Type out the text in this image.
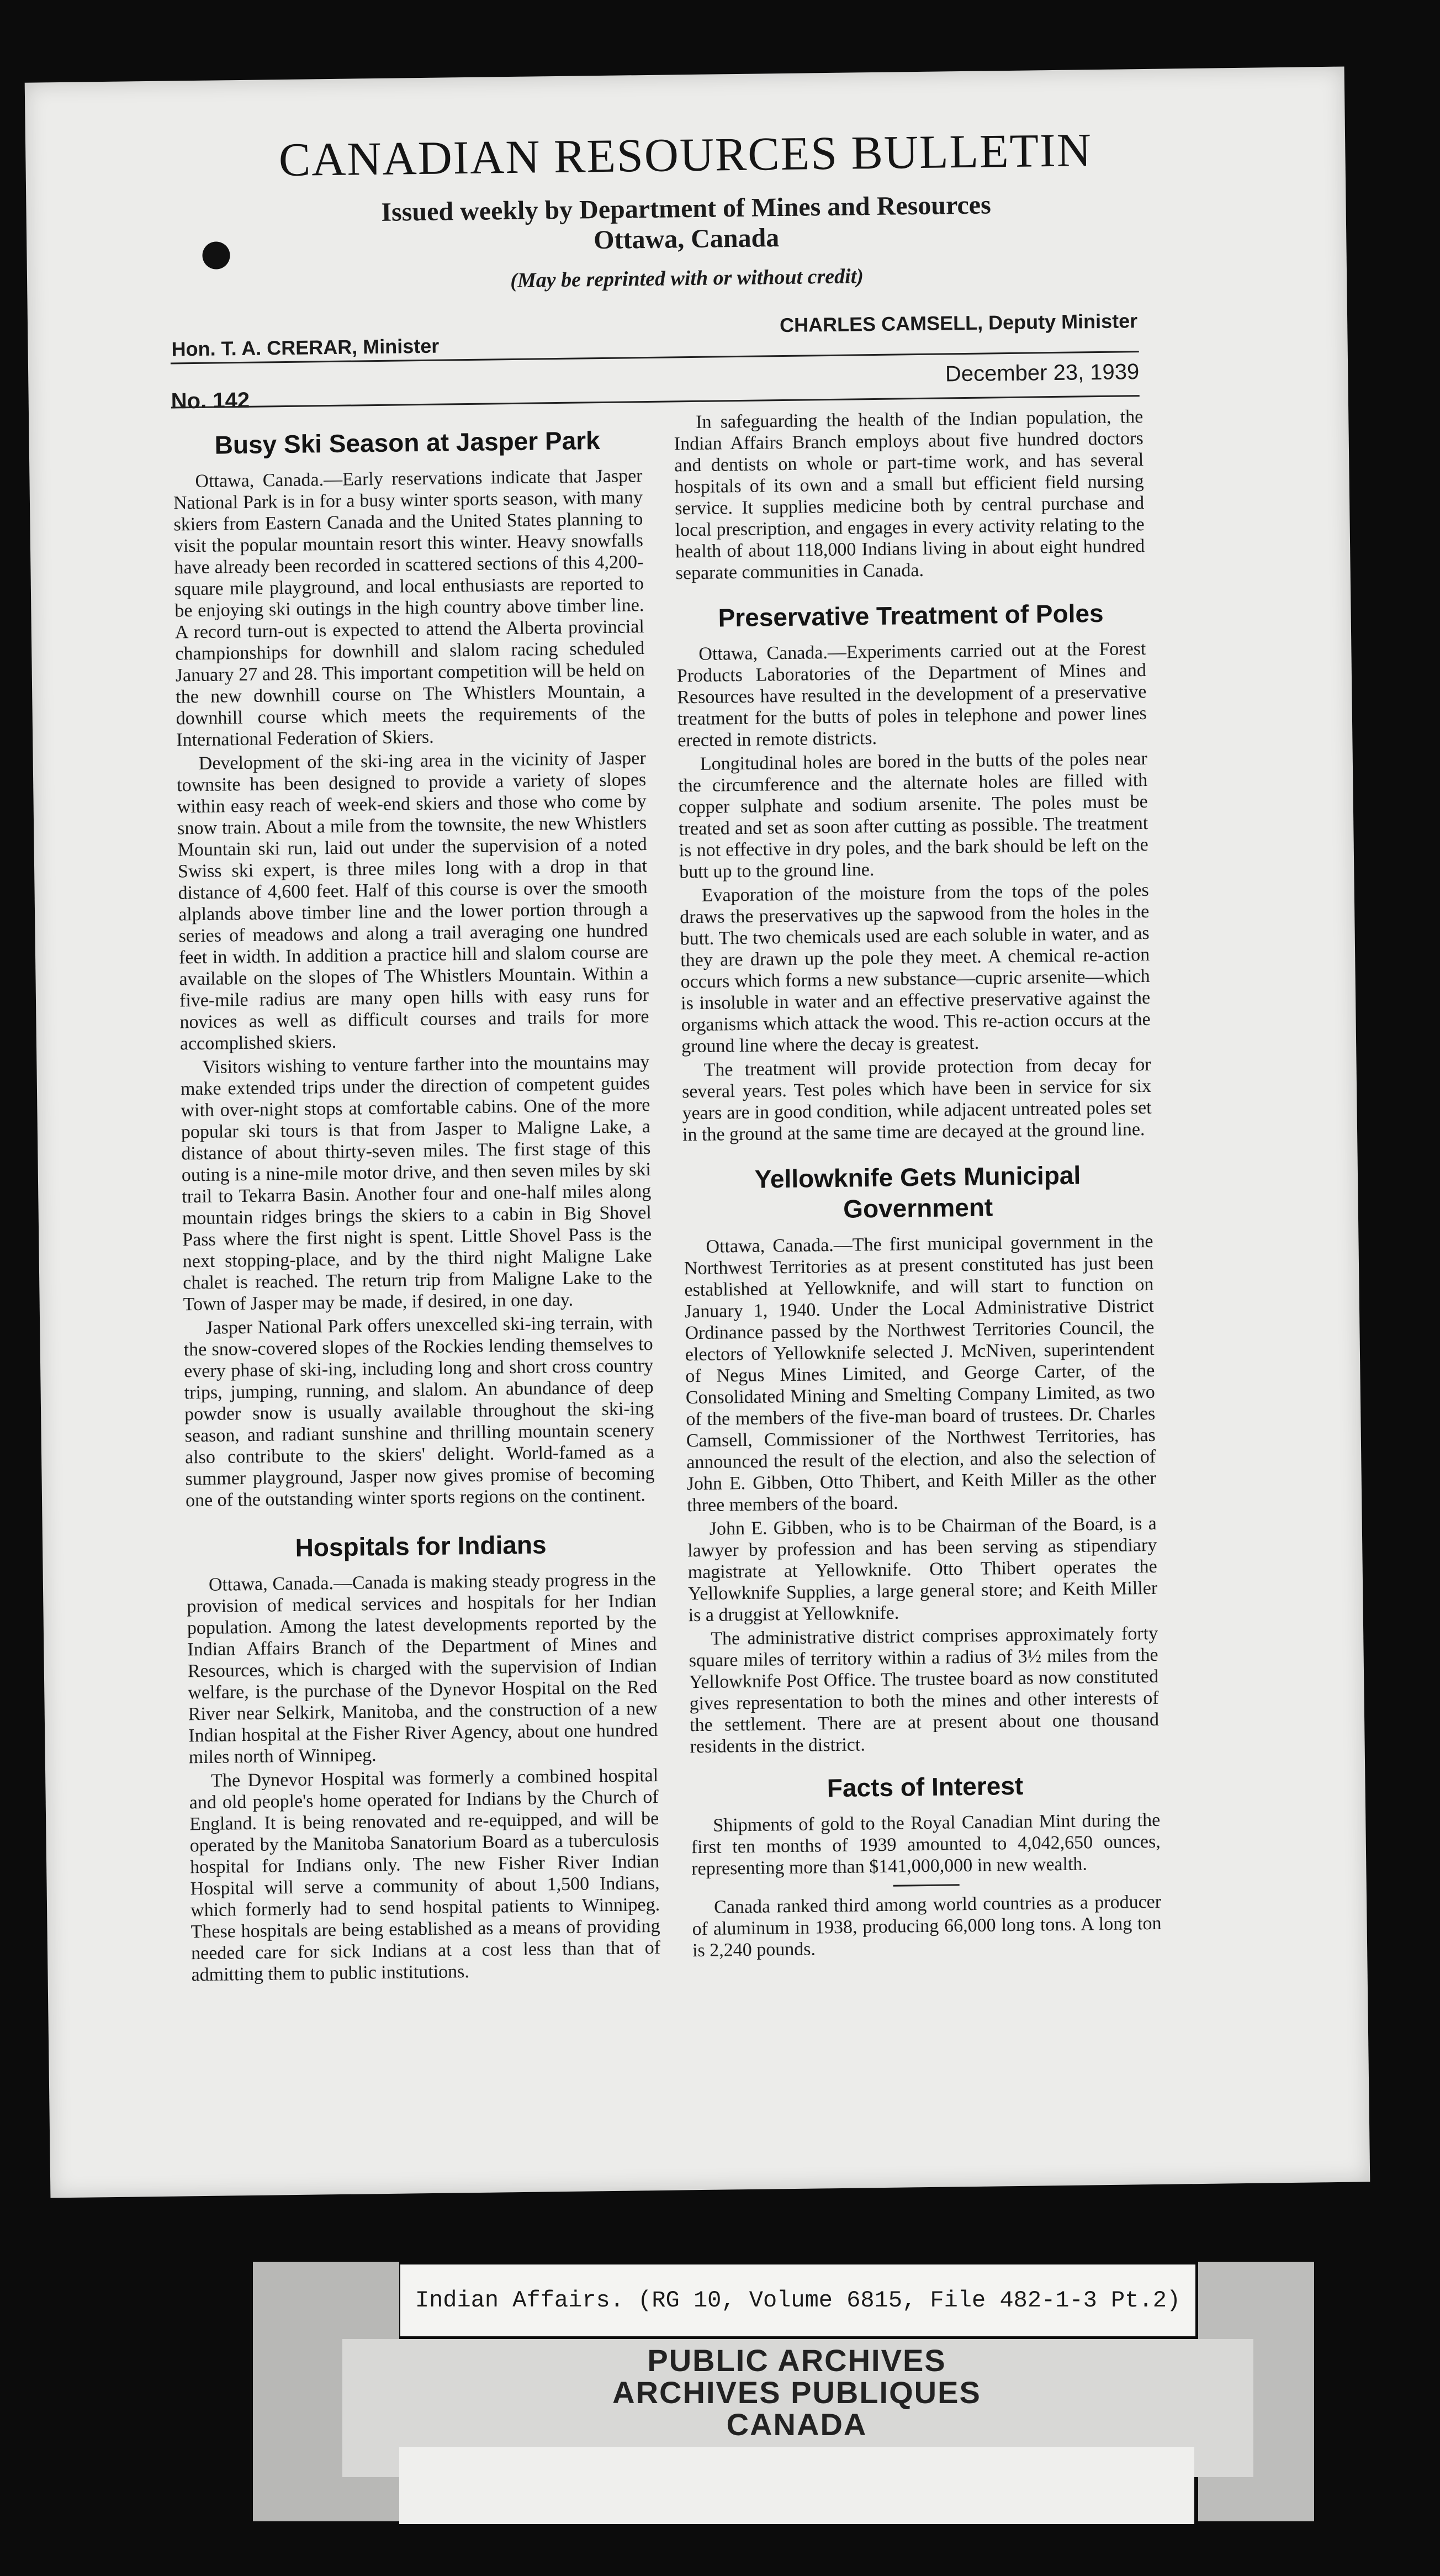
CANADIAN RESOURCES BULLETIN
Issued weekly by Department of Mines and Resources
Ottawa, Canada
(May be reprinted with or without credit)
Hon. T. A. CRERAR, Minister
CHARLES CAMSELL, Deputy Minister
No. 142
December 23, 1939
Busy Ski Season at Jasper Park

Ottawa, Canada.—Early reservations indicate that Jasper National Park is in for a busy winter sports season, with many skiers from Eastern Canada and the United States planning to visit the popular mountain resort this winter. Heavy snowfalls have already been recorded in scattered sections of this 4,200-square mile playground, and local enthusiasts are reported to be enjoying ski outings in the high country above timber line. A record turn-out is expected to attend the Alberta provincial championships for downhill and slalom racing scheduled January 27 and 28. This important competition will be held on the new downhill course on The Whistlers Mountain, a downhill course which meets the requirements of the International Federation of Skiers.

Development of the ski-ing area in the vicinity of Jasper townsite has been designed to provide a variety of slopes within easy reach of week-end skiers and those who come by snow train. About a mile from the townsite, the new Whistlers Mountain ski run, laid out under the supervision of a noted Swiss ski expert, is three miles long with a drop in that distance of 4,600 feet. Half of this course is over the smooth alplands above timber line and the lower portion through a series of meadows and along a trail averaging one hundred feet in width. In addition a practice hill and slalom course are available on the slopes of The Whistlers Mountain. Within a five-mile radius are many open hills with easy runs for novices as well as difficult courses and trails for more accomplished skiers.

Visitors wishing to venture farther into the mountains may make extended trips under the direction of competent guides with over-night stops at comfortable cabins. One of the more popular ski tours is that from Jasper to Maligne Lake, a distance of about thirty-seven miles. The first stage of this outing is a nine-mile motor drive, and then seven miles by ski trail to Tekarra Basin. Another four and one-half miles along mountain ridges brings the skiers to a cabin in Big Shovel Pass where the first night is spent. Little Shovel Pass is the next stopping-place, and by the third night Maligne Lake chalet is reached. The return trip from Maligne Lake to the Town of Jasper may be made, if desired, in one day.

Jasper National Park offers unexcelled ski-ing terrain, with the snow-covered slopes of the Rockies lending themselves to every phase of ski-ing, including long and short cross country trips, jumping, running, and slalom. An abundance of deep powder snow is usually available throughout the ski-ing season, and radiant sunshine and thrilling mountain scenery also contribute to the skiers' delight. World-famed as a summer playground, Jasper now gives promise of becoming one of the outstanding winter sports regions on the continent.

Hospitals for Indians

Ottawa, Canada.—Canada is making steady progress in the provision of medical services and hospitals for her Indian population. Among the latest developments reported by the Indian Affairs Branch of the Department of Mines and Resources, which is charged with the supervision of Indian welfare, is the purchase of the Dynevor Hospital on the Red River near Selkirk, Manitoba, and the construction of a new Indian hospital at the Fisher River Agency, about one hundred miles north of Winnipeg.

The Dynevor Hospital was formerly a combined hospital and old people's home operated for Indians by the Church of England. It is being renovated and re-equipped, and will be operated by the Manitoba Sanatorium Board as a tuberculosis hospital for Indians only. The new Fisher River Indian Hospital will serve a community of about 1,500 Indians, which formerly had to send hospital patients to Winnipeg. These hospitals are being established as a means of providing needed care for sick Indians at a cost less than that of admitting them to public institutions.

In safeguarding the health of the Indian population, the Indian Affairs Branch employs about five hundred doctors and dentists on whole or part-time work, and has several hospitals of its own and a small but efficient field nursing service. It supplies medicine both by central purchase and local prescription, and engages in every activity relating to the health of about 118,000 Indians living in about eight hundred separate communities in Canada.

Preservative Treatment of Poles

Ottawa, Canada.—Experiments carried out at the Forest Products Laboratories of the Department of Mines and Resources have resulted in the development of a preservative treatment for the butts of poles in telephone and power lines erected in remote districts.

Longitudinal holes are bored in the butts of the poles near the circumference and the alternate holes are filled with copper sulphate and sodium arsenite. The poles must be treated and set as soon after cutting as possible. The treatment is not effective in dry poles, and the bark should be left on the butt up to the ground line.

Evaporation of the moisture from the tops of the poles draws the preservatives up the sapwood from the holes in the butt. The two chemicals used are each soluble in water, and as they are drawn up the pole they meet. A chemical re-action occurs which forms a new substance—cupric arsenite—which is insoluble in water and an effective preservative against the organisms which attack the wood. This re-action occurs at the ground line where the decay is greatest.

The treatment will provide protection from decay for several years. Test poles which have been in service for six years are in good condition, while adjacent untreated poles set in the ground at the same time are decayed at the ground line.

Yellowknife Gets Municipal Government

Ottawa, Canada.—The first municipal government in the Northwest Territories as at present constituted has just been established at Yellowknife, and will start to function on January 1, 1940. Under the Local Administrative District Ordinance passed by the Northwest Territories Council, the electors of Yellowknife selected J. McNiven, superintendent of Negus Mines Limited, and George Carter, of the Consolidated Mining and Smelting Company Limited, as two of the members of the five-man board of trustees. Dr. Charles Camsell, Commissioner of the Northwest Territories, has announced the result of the election, and also the selection of John E. Gibben, Otto Thibert, and Keith Miller as the other three members of the board.

John E. Gibben, who is to be Chairman of the Board, is a lawyer by profession and has been serving as stipendiary magistrate at Yellowknife. Otto Thibert operates the Yellowknife Supplies, a large general store; and Keith Miller is a druggist at Yellowknife.

The administrative district comprises approximately forty square miles of territory within a radius of 3½ miles from the Yellowknife Post Office. The trustee board as now constituted gives representation to both the mines and other interests of the settlement. There are at present about one thousand residents in the district.

Facts of Interest

Shipments of gold to the Royal Canadian Mint during the first ten months of 1939 amounted to 4,042,650 ounces, representing more than $141,000,000 in new wealth.

Canada ranked third among world countries as a producer of aluminum in 1938, producing 66,000 long tons. A long ton is 2,240 pounds.

Indian Affairs. (RG 10, Volume 6815, File 482-1-3 Pt.2)
PUBLIC ARCHIVES
ARCHIVES PUBLIQUES
CANADA
